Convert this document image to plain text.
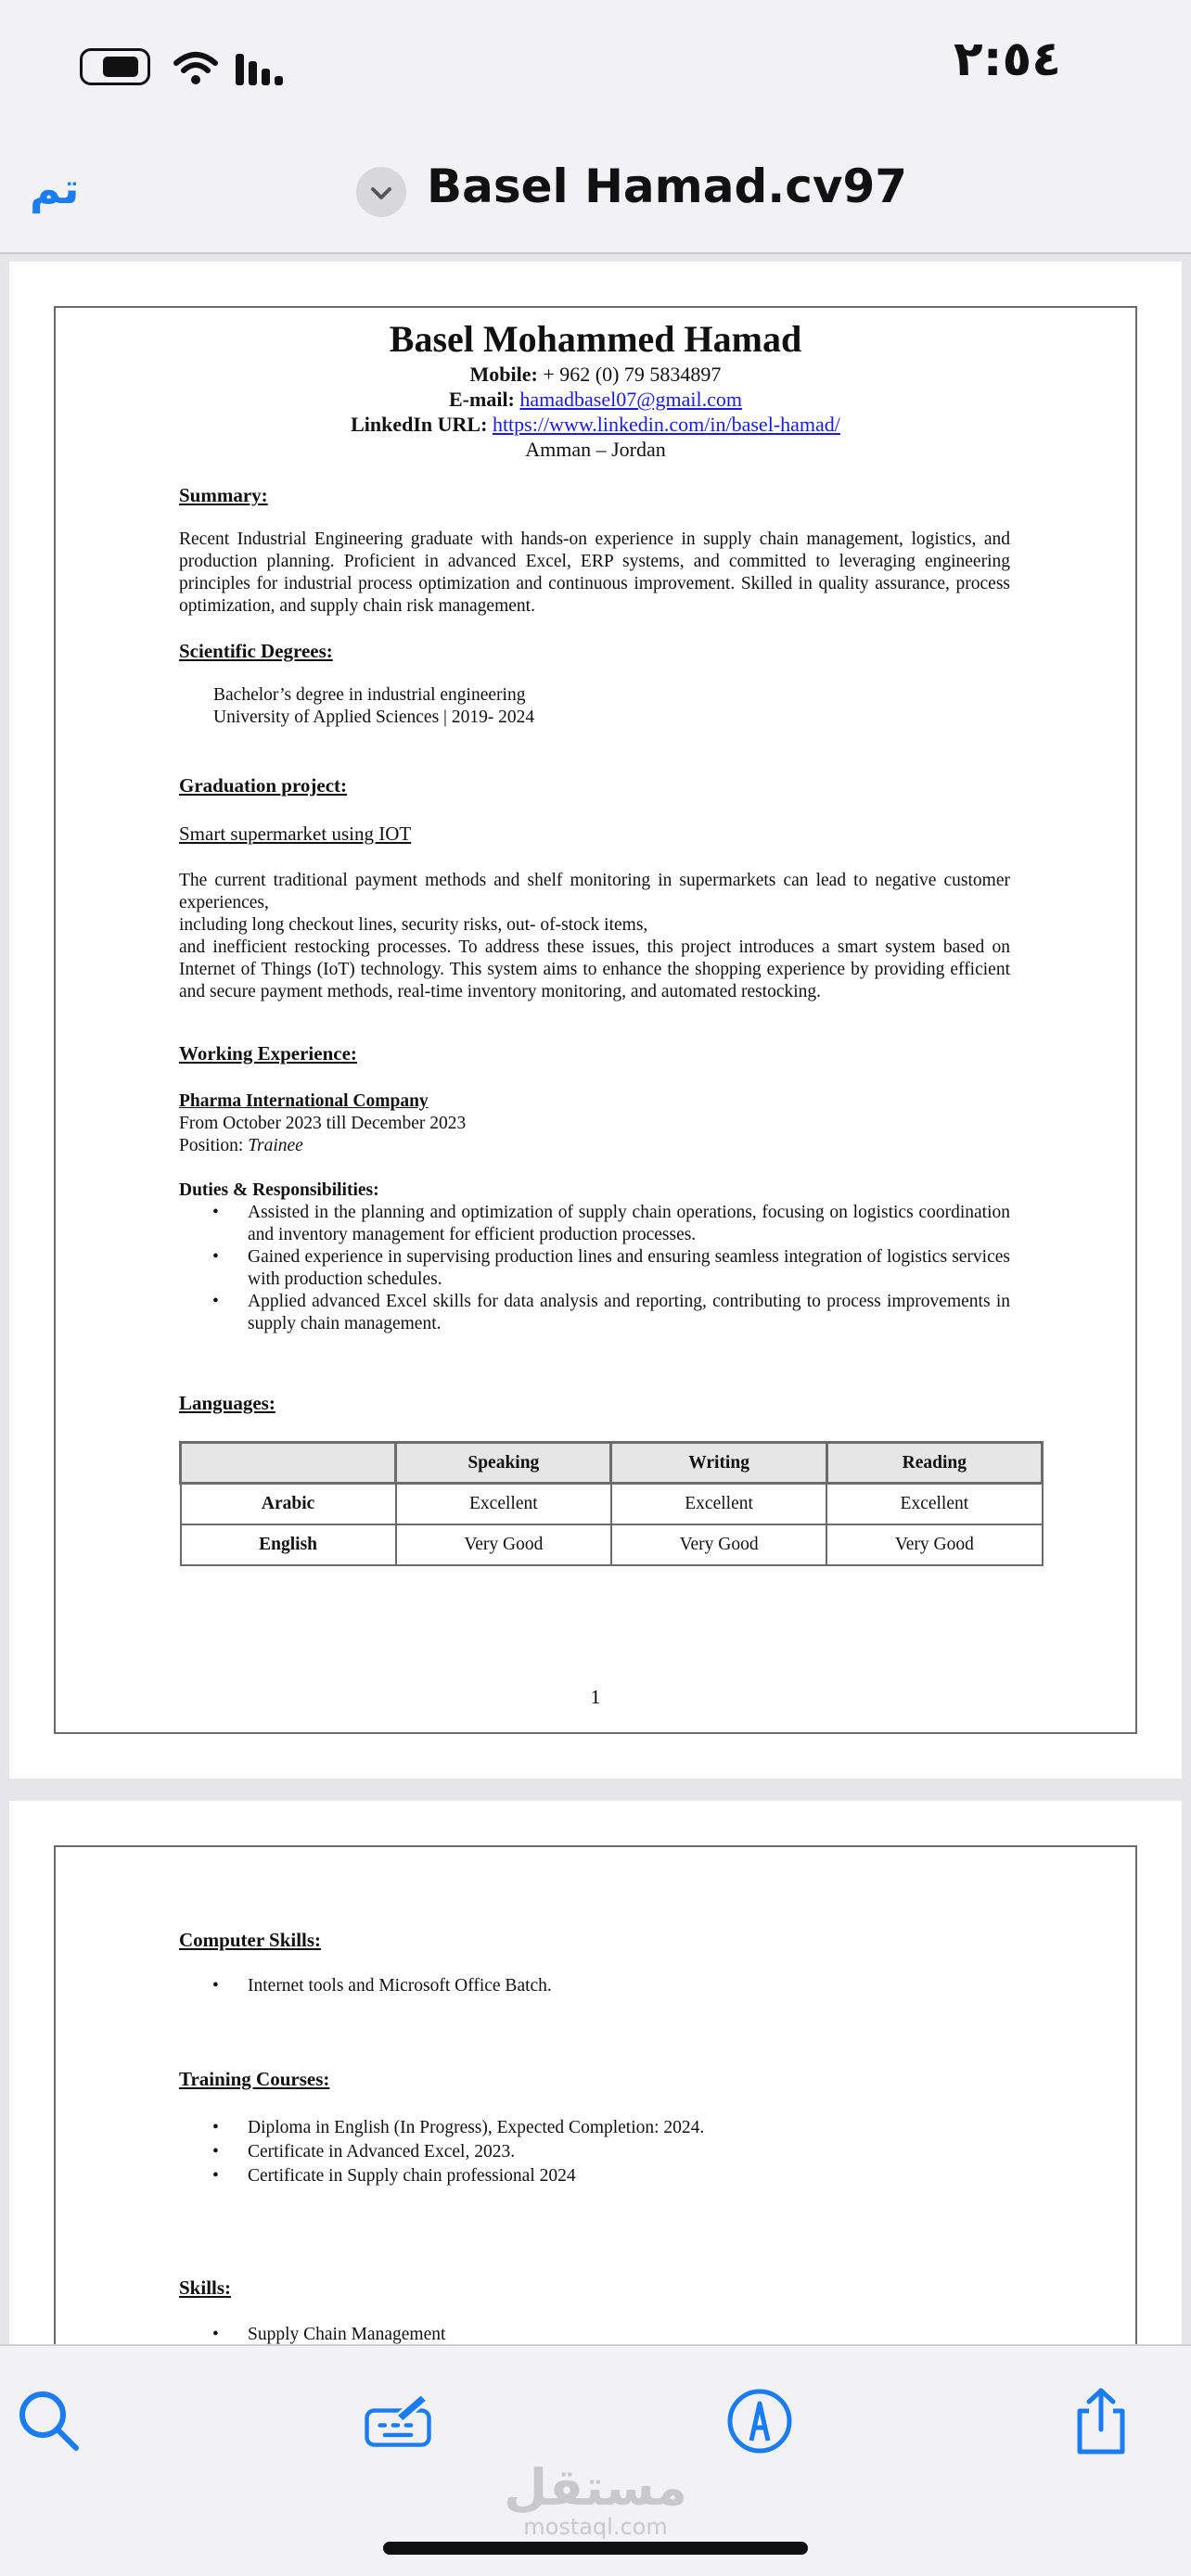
٢:٥٤
تم	Basel Hamad.cv97
Basel Mohammed Hamad
Mobile: + 962 (0) 79 5834897
E-mail: hamadbasel07@gmail.com
LinkedIn URL: https://www.linkedin.com/in/basel-hamad/
Amman – Jordan
Summary:
Recent Industrial Engineering graduate with hands-on experience in supply chain management, logistics, and production planning. Proficient in advanced Excel, ERP systems, and committed to leveraging engineering principles for industrial process optimization and continuous improvement. Skilled in quality assurance, process optimization, and supply chain risk management.
Scientific Degrees:
Bachelor’s degree in industrial engineering
University of Applied Sciences | 2019- 2024
Graduation project:
Smart supermarket using IOT
The current traditional payment methods and shelf monitoring in supermarkets can lead to negative customer experiences,
including long checkout lines, security risks, out- of-stock items,
and inefficient restocking processes. To address these issues, this project introduces a smart system based on Internet of Things (IoT) technology. This system aims to enhance the shopping experience by providing efficient and secure payment methods, real-time inventory monitoring, and automated restocking.
Working Experience:
Pharma International Company
From October 2023 till December 2023
Position: Trainee
Duties & Responsibilities:
• Assisted in the planning and optimization of supply chain operations, focusing on logistics coordination and inventory management for efficient production processes.
• Gained experience in supervising production lines and ensuring seamless integration of logistics services with production schedules.
• Applied advanced Excel skills for data analysis and reporting, contributing to process improvements in supply chain management.
Languages:
	Speaking	Writing	Reading
Arabic	Excellent	Excellent	Excellent
English	Very Good	Very Good	Very Good
1
Computer Skills:
• Internet tools and Microsoft Office Batch.
Training Courses:
• Diploma in English (In Progress), Expected Completion: 2024.
• Certificate in Advanced Excel, 2023.
• Certificate in Supply chain professional 2024
Skills:
• Supply Chain Management
مستقل
mostaql.com
